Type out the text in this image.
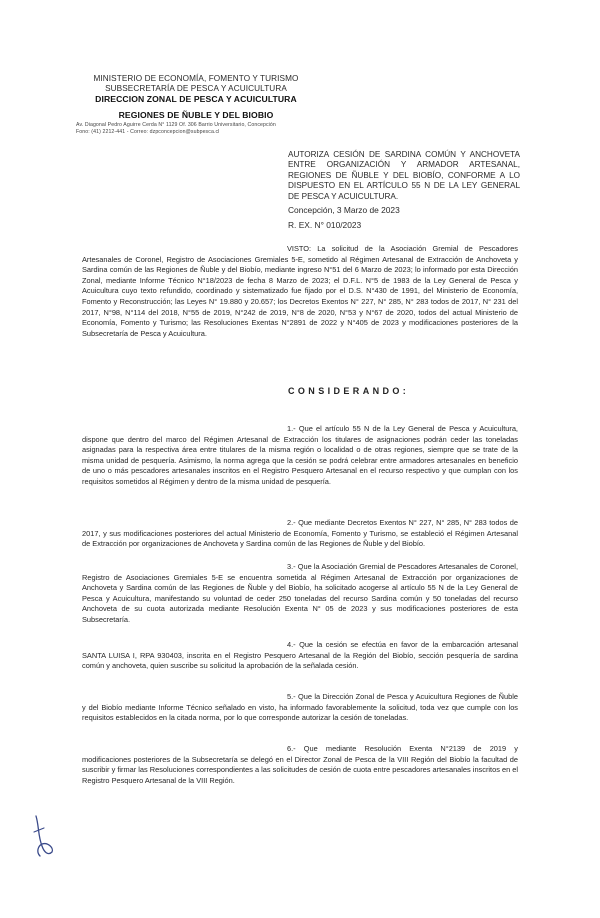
MINISTERIO DE ECONOMÍA, FOMENTO Y TURISMO
SUBSECRETARÍA DE PESCA Y ACUICULTURA
DIRECCION ZONAL DE PESCA Y ACUICULTURA
REGIONES DE ÑUBLE Y DEL BIOBIO
Av. Diagonal Pedro Aguirre Cerda N° 1129 Of. 306 Barrio Universitario, Concepción
Fono: (41) 2212-441 - Correo: dzpconcepcion@subpesca.cl
AUTORIZA CESIÓN DE SARDINA COMÚN Y ANCHOVETA ENTRE ORGANIZACIÓN Y ARMADOR ARTESANAL, REGIONES DE ÑUBLE Y DEL BIOBÍO, CONFORME A LO DISPUESTO EN EL ARTÍCULO 55 N DE LA LEY GENERAL DE PESCA Y ACUICULTURA.
Concepción, 3 Marzo de 2023
R. EX. N° 010/2023
VISTO: La solicitud de la Asociación Gremial de Pescadores Artesanales de Coronel, Registro de Asociaciones Gremiales 5-E, sometido al Régimen Artesanal de Extracción de Anchoveta y Sardina común de las Regiones de Ñuble y del Biobío, mediante ingreso N°51 del 6 Marzo de 2023; lo informado por esta Dirección Zonal, mediante Informe Técnico N°18/2023 de fecha 8 Marzo de 2023; el D.F.L. N°5 de 1983 de la Ley General de Pesca y Acuicultura cuyo texto refundido, coordinado y sistematizado fue fijado por el D.S. N°430 de 1991, del Ministerio de Economía, Fomento y Reconstrucción; las Leyes N° 19.880 y 20.657; los Decretos Exentos N° 227, N° 285, N° 283 todos de 2017, N° 231 del 2017, N°98, N°114 del 2018, N°55 de 2019, N°242 de 2019, N°8 de 2020, N°53 y N°67 de 2020, todos del actual Ministerio de Economía, Fomento y Turismo; las Resoluciones Exentas N°2891 de 2022 y N°405 de 2023 y modificaciones posteriores de la Subsecretaría de Pesca y Acuicultura.
CONSIDERANDO:
1.- Que el artículo 55 N de la Ley General de Pesca y Acuicultura, dispone que dentro del marco del Régimen Artesanal de Extracción los titulares de asignaciones podrán ceder las toneladas asignadas para la respectiva área entre titulares de la misma región o localidad o de otras regiones, siempre que se trate de la misma unidad de pesquería. Asimismo, la norma agrega que la cesión se podrá celebrar entre armadores artesanales en beneficio de uno o más pescadores artesanales inscritos en el Registro Pesquero Artesanal en el recurso respectivo y que cumplan con los requisitos sometidos al Régimen y dentro de la misma unidad de pesquería.
2.- Que mediante Decretos Exentos N° 227, N° 285, N° 283 todos de 2017, y sus modificaciones posteriores del actual Ministerio de Economía, Fomento y Turismo, se estableció el Régimen Artesanal de Extracción por organizaciones de Anchoveta y Sardina común de las Regiones de Ñuble y del Biobío.
3.- Que la Asociación Gremial de Pescadores Artesanales de Coronel, Registro de Asociaciones Gremiales 5-E se encuentra sometida al Régimen Artesanal de Extracción por organizaciones de Anchoveta y Sardina común de las Regiones de Ñuble y del Biobío, ha solicitado acogerse al artículo 55 N de la Ley General de Pesca y Acuicultura, manifestando su voluntad de ceder 250 toneladas del recurso Sardina común y 50 toneladas del recurso Anchoveta de su cuota autorizada mediante Resolución Exenta N° 05 de 2023 y sus modificaciones posteriores de esta Subsecretaría.
4.- Que la cesión se efectúa en favor de la embarcación artesanal SANTA LUISA I, RPA 930403, inscrita en el Registro Pesquero Artesanal de la Región del Biobío, sección pesquería de sardina común y anchoveta, quien suscribe su solicitud la aprobación de la señalada cesión.
5.- Que la Dirección Zonal de Pesca y Acuicultura Regiones de Ñuble y del Biobío mediante Informe Técnico señalado en visto, ha informado favorablemente la solicitud, toda vez que cumple con los requisitos establecidos en la citada norma, por lo que corresponde autorizar la cesión de toneladas.
6.- Que mediante Resolución Exenta N°2139 de 2019 y modificaciones posteriores de la Subsecretaría se delegó en el Director Zonal de Pesca de la VIII Región del Biobío la facultad de suscribir y firmar las Resoluciones correspondientes a las solicitudes de cesión de cuota entre pescadores artesanales inscritos en el Registro Pesquero Artesanal de la VIII Región.
